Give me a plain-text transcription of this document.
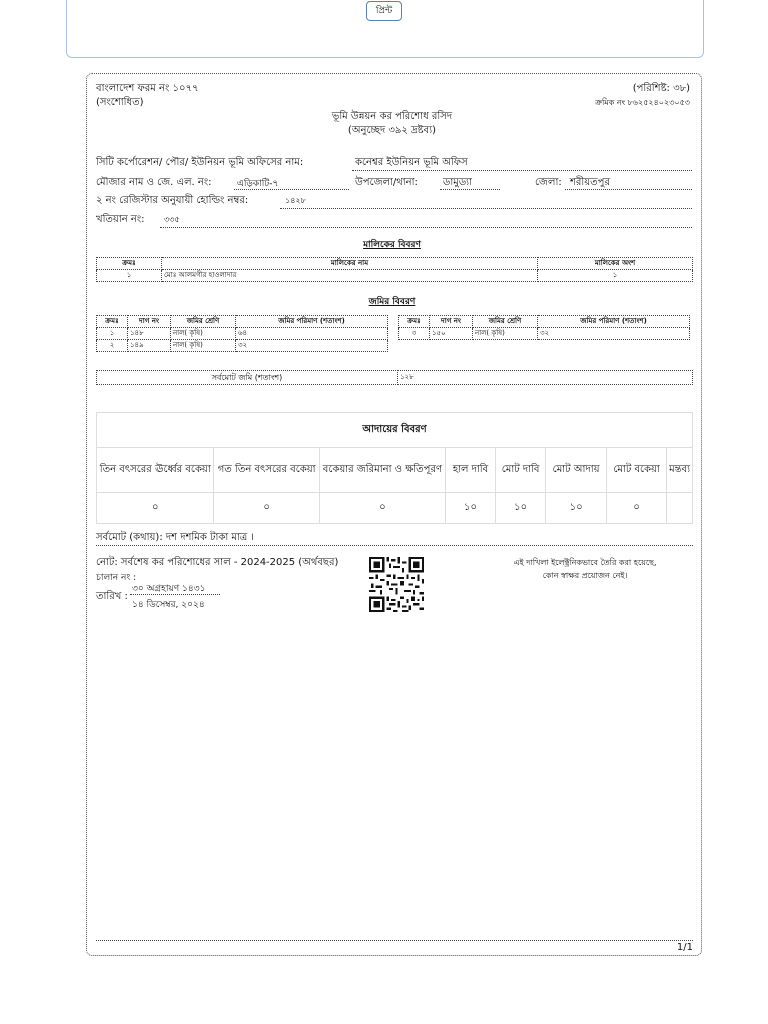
প্রিন্ট
1/1
বাংলাদেশ ফরম নং ১০৭৭
(সংশোধিত)
(পরিশিষ্ট: ৩৮)
ক্রমিক নং ৮৬২৫২৪০২৩০৫৩
ভূমি উন্নয়ন কর পরিশোধ রসিদ
(অনুচ্ছেদ ৩৯২ দ্রষ্টব্য)
সিটি কর্পোরেশন/ পৌর/ ইউনিয়ন ভূমি অফিসের নাম:	কনেশ্বর ইউনিয়ন ভূমি অফিস
মৌজার নাম ও জে. এল. নং:	এড়িকাটি-৭	উপজেলা/থানা:	ডামুড্যা	জেলা: শরীয়তপুর
২ নং রেজিস্টার অনুযায়ী হোল্ডিং নম্বর:	১৪২৮
খতিয়ান নং: ৩৩৫
মালিকের বিবরণ
ক্রমঃ	মালিকের নাম	মালিকের অংশ
১	মোঃ আলমগীর হাওলাদার	১
জমির বিবরণ
ক্রমঃ	দাগ নং	জমির শ্রেণি	জমির পরিমাণ (শতাংশ)
১	১৪৮	নাল( কৃষি)	৬৪
২	১৪৯	নাল( কৃষি)	৩২
ক্রমঃ	দাগ নং	জমির শ্রেণি	জমির পরিমাণ (শতাংশ)
৩	১৫০	নাল( কৃষি)	৩২
সর্বমোট জমি (শতাংশ)	১২৮
আদায়ের বিবরণ							
তিন বৎসরের ঊর্ধ্বের বকেয়া	গত তিন বৎসরের বকেয়া	বকেয়ার জরিমানা ও ক্ষতিপূরণ	হাল দাবি	মোট দাবি	মোট আদায়	মোট বকেয়া	মন্তব্য
০	০	০	১০	১০	১০	০	
সর্বমোট (কথায়): দশ দশমিক টাকা মাত্র ।
নোট: সর্বশেষ কর পরিশোধের সাল - 2024-2025 (অর্থবছর)
চালান নং :
তারিখ :
৩০ অগ্রহায়ণ ১৪৩১
১৪ ডিসেম্বর, ২০২৪
এই দাখিলা ইলেক্ট্রনিকভাবে তৈরি করা হয়েছে,
কোন স্বাক্ষর প্রয়োজন নেই।
